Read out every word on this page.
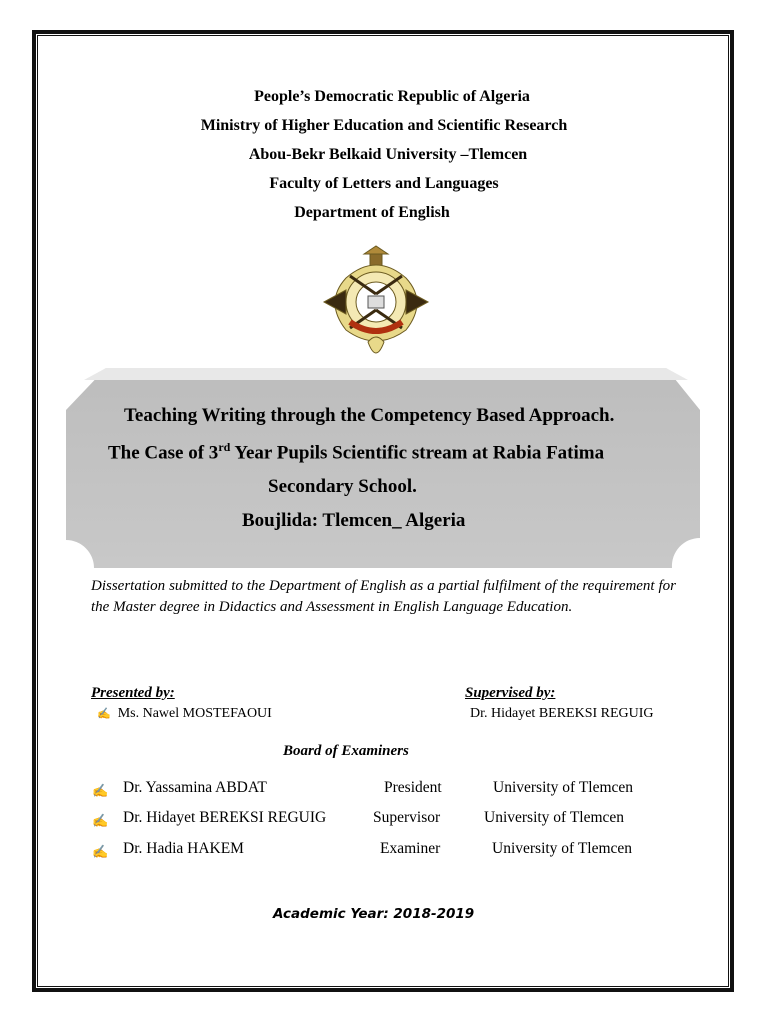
People’s Democratic Republic of Algeria
Ministry of Higher Education and Scientific Research
Abou-Bekr Belkaid University –Tlemcen
Faculty of Letters and Languages
Department of English
Teaching Writing through the Competency Based Approach.
The Case of 3rd Year Pupils Scientific stream at Rabia Fatima
Secondary School.
Boujlida: Tlemcen_ Algeria
Dissertation submitted to the Department of English as a partial fulfilment of the requirement for the Master degree in Didactics and Assessment in English Language Education.
Presented by:	Supervised by:
✍ Ms. Nawel MOSTEFAOUI	Dr. Hidayet BEREKSI REGUIG
Board of Examiners
✍ Dr. Yassamina ABDAT	President	University of Tlemcen
✍ Dr. Hidayet BEREKSI REGUIG	Supervisor	University of Tlemcen
✍ Dr. Hadia HAKEM	Examiner	University of Tlemcen
Academic Year: 2018-2019
